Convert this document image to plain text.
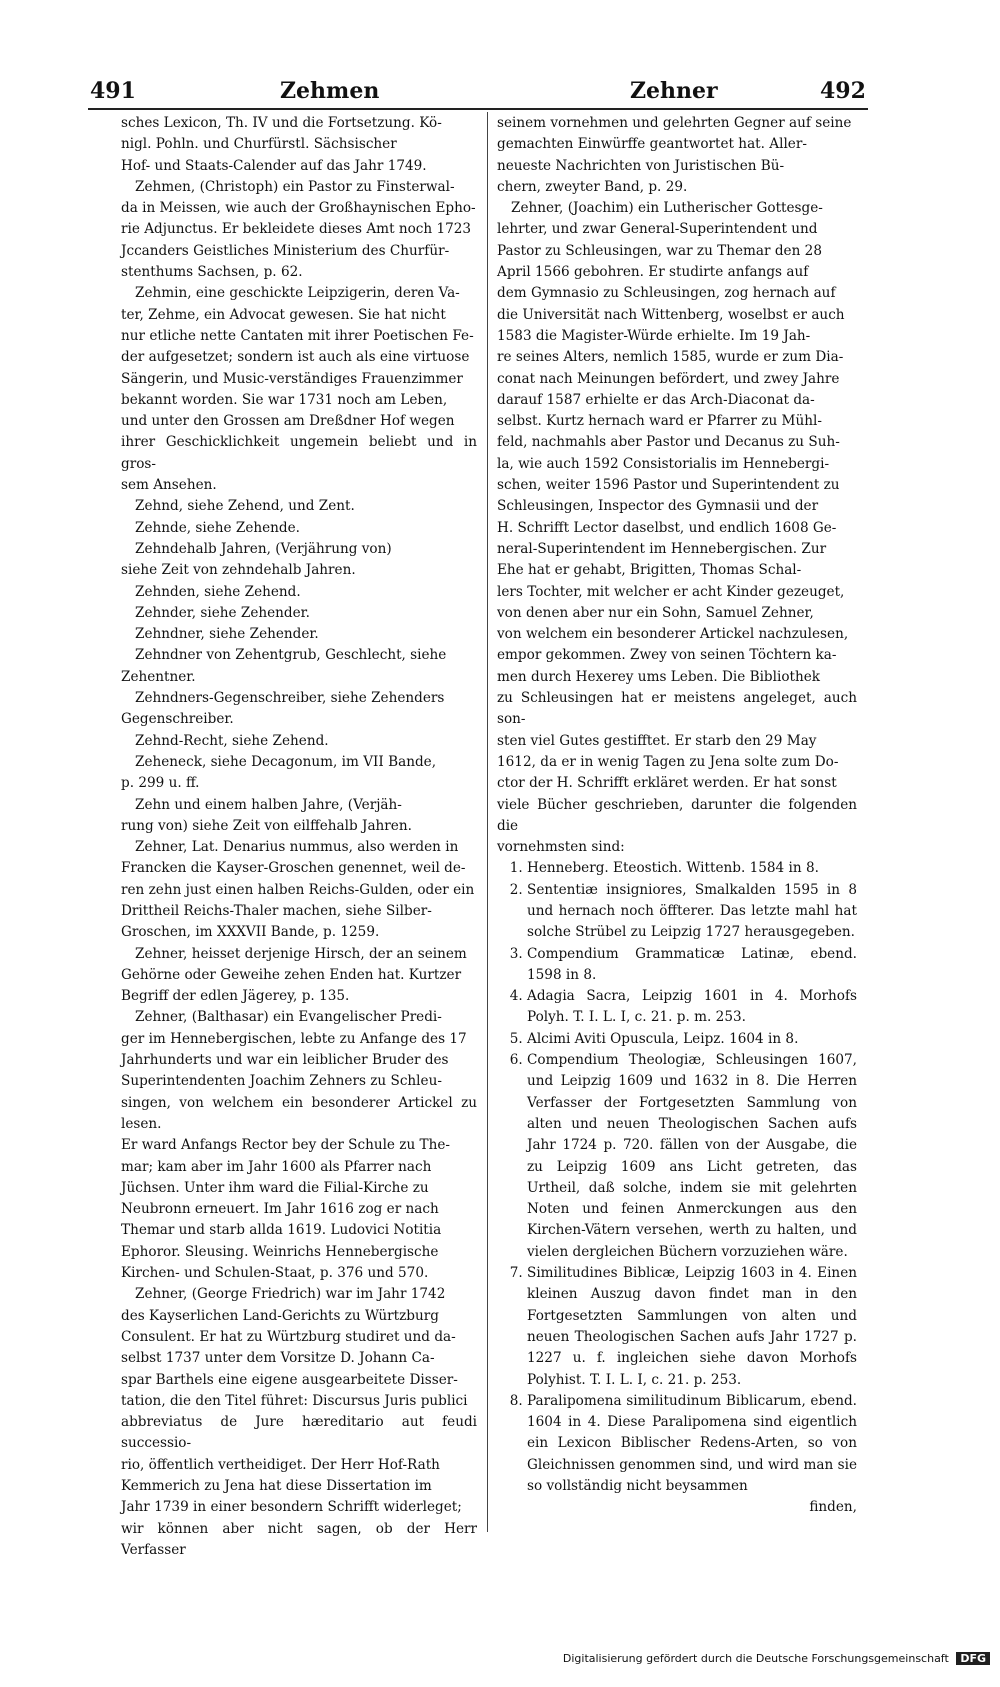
491	Zehmen	Zehner	492

sches Lexicon, Th. IV und die Fortsetzung. Kö-

nigl. Pohln. und Churfürstl. Sächsischer

Hof- und Staats-Calender auf das Jahr 1749.

Zehmen, (Christoph) ein Pastor zu Finsterwal-

da in Meissen, wie auch der Großhaynischen Epho-

rie Adjunctus. Er bekleidete dieses Amt noch 1723

Jccanders Geistliches Ministerium des Churfür-

stenthums Sachsen, p. 62.

Zehmin, eine geschickte Leipzigerin, deren Va-

ter, Zehme, ein Advocat gewesen. Sie hat nicht

nur etliche nette Cantaten mit ihrer Poetischen Fe-

der aufgesetzet; sondern ist auch als eine virtuose

Sängerin, und Music-verständiges Frauenzimmer

bekannt worden. Sie war 1731 noch am Leben,

und unter den Grossen am Dreßdner Hof wegen

ihrer Geschicklichkeit ungemein beliebt und in gros-

sem Ansehen.

Zehnd, siehe Zehend, und Zent.

Zehnde, siehe Zehende.

Zehndehalb Jahren, (Verjährung von)

siehe Zeit von zehndehalb Jahren.

Zehnden, siehe Zehend.

Zehnder, siehe Zehender.

Zehndner, siehe Zehender.

Zehndner von Zehentgrub, Geschlecht, siehe

Zehentner.

Zehndners-Gegenschreiber, siehe Zehenders

Gegenschreiber.

Zehnd-Recht, siehe Zehend.

Zeheneck, siehe Decagonum, im VII Bande,

p. 299 u. ff.

Zehn und einem halben Jahre, (Verjäh-

rung von) siehe Zeit von eilffehalb Jahren.

Zehner, Lat. Denarius nummus, also werden in

Francken die Kayser-Groschen genennet, weil de-

ren zehn just einen halben Reichs-Gulden, oder ein

Drittheil Reichs-Thaler machen, siehe Silber-

Groschen, im XXXVII Bande, p. 1259.

Zehner, heisset derjenige Hirsch, der an seinem

Gehörne oder Geweihe zehen Enden hat. Kurtzer

Begriff der edlen Jägerey, p. 135.

Zehner, (Balthasar) ein Evangelischer Predi-

ger im Hennebergischen, lebte zu Anfange des 17

Jahrhunderts und war ein leiblicher Bruder des

Superintendenten Joachim Zehners zu Schleu-

singen, von welchem ein besonderer Artickel zu lesen.

Er ward Anfangs Rector bey der Schule zu The-

mar; kam aber im Jahr 1600 als Pfarrer nach

Jüchsen. Unter ihm ward die Filial-Kirche zu

Neubronn erneuert. Im Jahr 1616 zog er nach

Themar und starb allda 1619. Ludovici Notitia

Ephoror. Sleusing. Weinrichs Hennebergische

Kirchen- und Schulen-Staat, p. 376 und 570.

Zehner, (George Friedrich) war im Jahr 1742

des Kayserlichen Land-Gerichts zu Würtzburg

Consulent. Er hat zu Würtzburg studiret und da-

selbst 1737 unter dem Vorsitze D. Johann Ca-

spar Barthels eine eigene ausgearbeitete Disser-

tation, die den Titel führet: Discursus Juris publici

abbreviatus de Jure hæreditario aut feudi successio-

rio, öffentlich vertheidiget. Der Herr Hof-Rath

Kemmerich zu Jena hat diese Dissertation im

Jahr 1739 in einer besondern Schrifft widerleget;

wir können aber nicht sagen, ob der Herr Verfasser

seinem vornehmen und gelehrten Gegner auf seine

gemachten Einwürffe geantwortet hat. Aller-

neueste Nachrichten von Juristischen Bü-

chern, zweyter Band, p. 29.

Zehner, (Joachim) ein Lutherischer Gottesge-

lehrter, und zwar General-Superintendent und

Pastor zu Schleusingen, war zu Themar den 28

April 1566 gebohren. Er studirte anfangs auf

dem Gymnasio zu Schleusingen, zog hernach auf

die Universität nach Wittenberg, woselbst er auch

1583 die Magister-Würde erhielte. Im 19 Jah-

re seines Alters, nemlich 1585, wurde er zum Dia-

conat nach Meinungen befördert, und zwey Jahre

darauf 1587 erhielte er das Arch-Diaconat da-

selbst. Kurtz hernach ward er Pfarrer zu Mühl-

feld, nachmahls aber Pastor und Decanus zu Suh-

la, wie auch 1592 Consistorialis im Hennebergi-

schen, weiter 1596 Pastor und Superintendent zu

Schleusingen, Inspector des Gymnasii und der

H. Schrifft Lector daselbst, und endlich 1608 Ge-

neral-Superintendent im Hennebergischen. Zur

Ehe hat er gehabt, Brigitten, Thomas Schal-

lers Tochter, mit welcher er acht Kinder gezeuget,

von denen aber nur ein Sohn, Samuel Zehner,

von welchem ein besonderer Artickel nachzulesen,

empor gekommen. Zwey von seinen Töchtern ka-

men durch Hexerey ums Leben. Die Bibliothek

zu Schleusingen hat er meistens angeleget, auch son-

sten viel Gutes gestifftet. Er starb den 29 May

1612, da er in wenig Tagen zu Jena solte zum Do-

ctor der H. Schrifft erkläret werden. Er hat sonst

viele Bücher geschrieben, darunter die folgenden die

vornehmsten sind:

1. Henneberg. Eteostich. Wittenb. 1584 in 8.
2. Sententiæ insigniores, Smalkalden 1595 in 8 und hernach noch öffterer. Das letzte mahl hat solche Strübel zu Leipzig 1727 herausgegeben.
3. Compendium Grammaticæ Latinæ, ebend. 1598 in 8.
4. Adagia Sacra, Leipzig 1601 in 4. Morhofs Polyh. T. I. L. I, c. 21. p. m. 253.
5. Alcimi Aviti Opuscula, Leipz. 1604 in 8.
6. Compendium Theologiæ, Schleusingen 1607, und Leipzig 1609 und 1632 in 8. Die Herren Verfasser der Fortgesetzten Sammlung von alten und neuen Theologischen Sachen aufs Jahr 1724 p. 720. fällen von der Ausgabe, die zu Leipzig 1609 ans Licht getreten, das Urtheil, daß solche, indem sie mit gelehrten Noten und feinen Anmerckungen aus den Kirchen-Vätern versehen, werth zu halten, und vielen dergleichen Büchern vorzuziehen wäre.
7. Similitudines Biblicæ, Leipzig 1603 in 4. Einen kleinen Auszug davon findet man in den Fortgesetzten Sammlungen von alten und neuen Theologischen Sachen aufs Jahr 1727 p. 1227 u. f. ingleichen siehe davon Morhofs Polyhist. T. I. L. I, c. 21. p. 253.
8. Paralipomena similitudinum Biblicarum, ebend. 1604 in 4. Diese Paralipomena sind eigentlich ein Lexicon Biblischer Redens-Arten, so von Gleichnissen genommen sind, und wird man sie so vollständig nicht beysammen

finden,

Digitalisierung gefördert durch die Deutsche Forschungsgemeinschaft DFG
